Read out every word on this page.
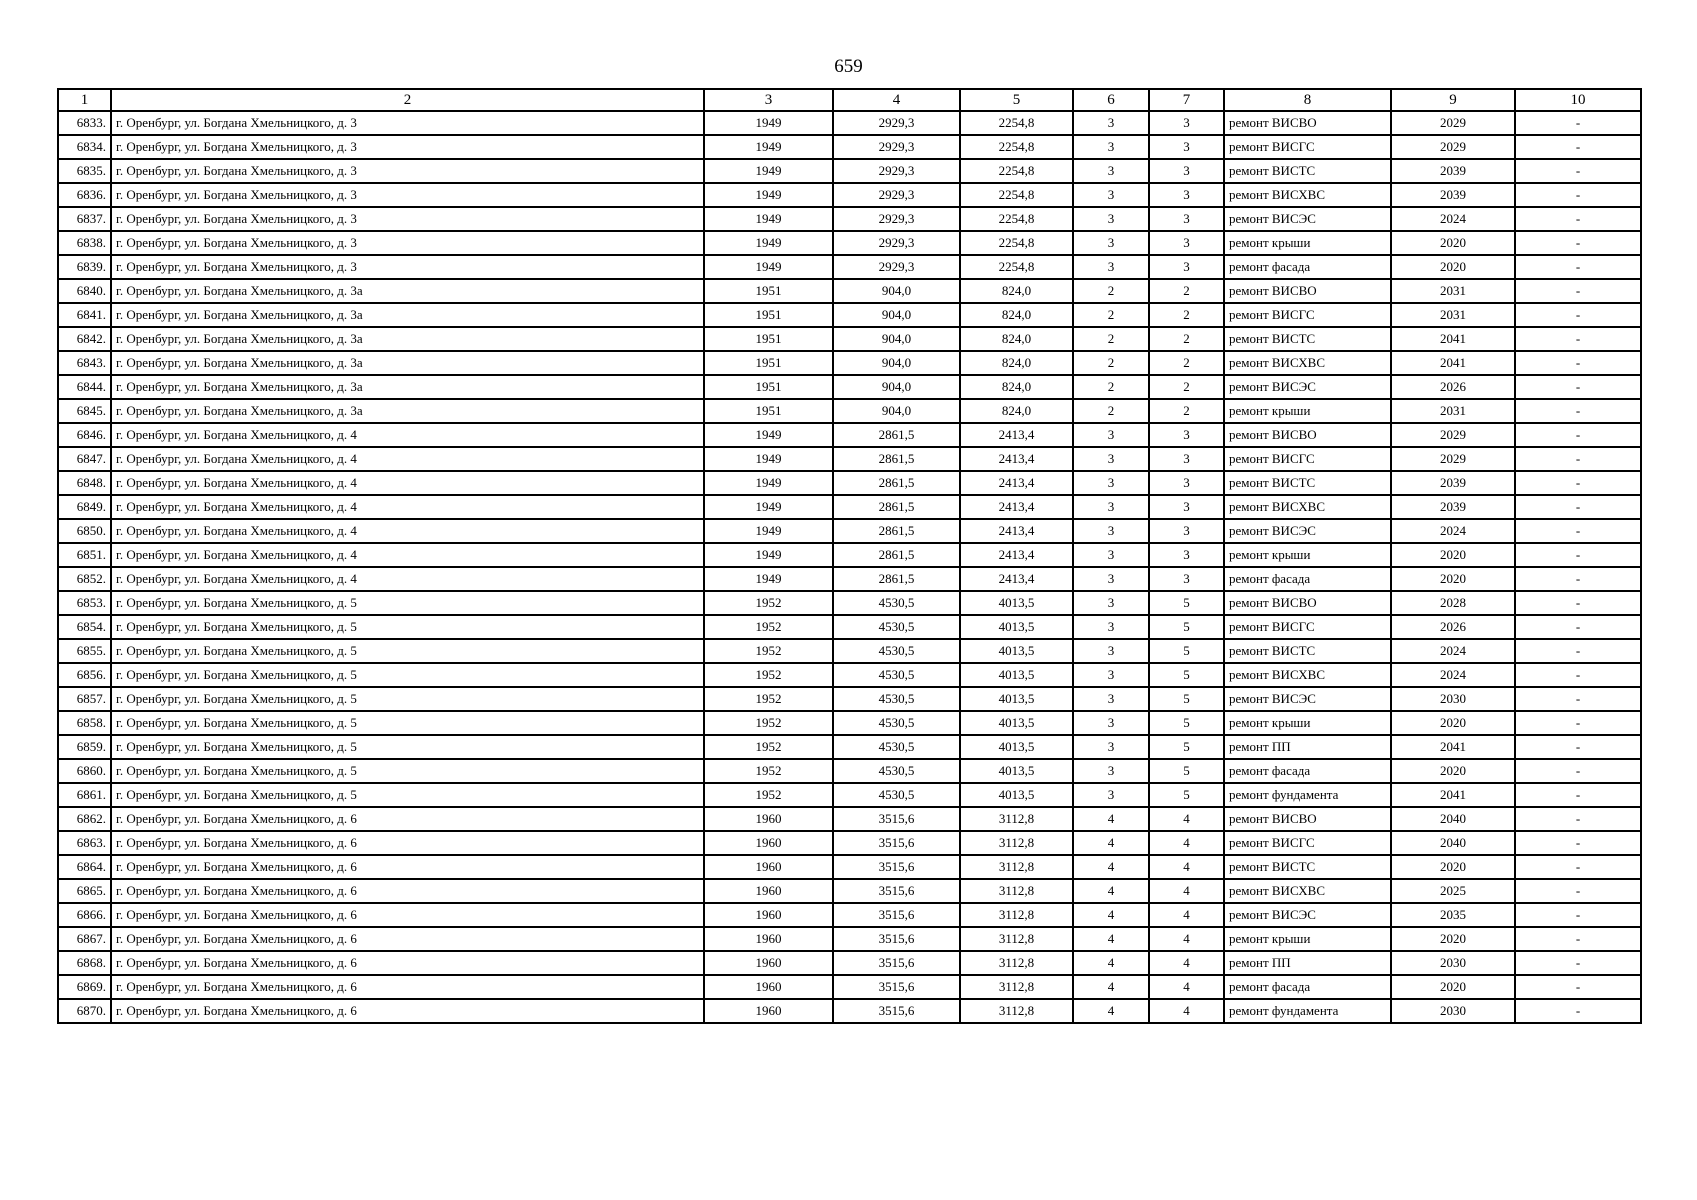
659
1	2	3	4	5	6	7	8	9	10
6833.	г. Оренбург, ул. Богдана Хмельницкого, д. 3	1949	2929,3	2254,8	3	3	ремонт ВИСВО	2029	-
6834.	г. Оренбург, ул. Богдана Хмельницкого, д. 3	1949	2929,3	2254,8	3	3	ремонт ВИСГС	2029	-
6835.	г. Оренбург, ул. Богдана Хмельницкого, д. 3	1949	2929,3	2254,8	3	3	ремонт ВИСТС	2039	-
6836.	г. Оренбург, ул. Богдана Хмельницкого, д. 3	1949	2929,3	2254,8	3	3	ремонт ВИСХВС	2039	-
6837.	г. Оренбург, ул. Богдана Хмельницкого, д. 3	1949	2929,3	2254,8	3	3	ремонт ВИСЭС	2024	-
6838.	г. Оренбург, ул. Богдана Хмельницкого, д. 3	1949	2929,3	2254,8	3	3	ремонт крыши	2020	-
6839.	г. Оренбург, ул. Богдана Хмельницкого, д. 3	1949	2929,3	2254,8	3	3	ремонт фасада	2020	-
6840.	г. Оренбург, ул. Богдана Хмельницкого, д. 3а	1951	904,0	824,0	2	2	ремонт ВИСВО	2031	-
6841.	г. Оренбург, ул. Богдана Хмельницкого, д. 3а	1951	904,0	824,0	2	2	ремонт ВИСГС	2031	-
6842.	г. Оренбург, ул. Богдана Хмельницкого, д. 3а	1951	904,0	824,0	2	2	ремонт ВИСТС	2041	-
6843.	г. Оренбург, ул. Богдана Хмельницкого, д. 3а	1951	904,0	824,0	2	2	ремонт ВИСХВС	2041	-
6844.	г. Оренбург, ул. Богдана Хмельницкого, д. 3а	1951	904,0	824,0	2	2	ремонт ВИСЭС	2026	-
6845.	г. Оренбург, ул. Богдана Хмельницкого, д. 3а	1951	904,0	824,0	2	2	ремонт крыши	2031	-
6846.	г. Оренбург, ул. Богдана Хмельницкого, д. 4	1949	2861,5	2413,4	3	3	ремонт ВИСВО	2029	-
6847.	г. Оренбург, ул. Богдана Хмельницкого, д. 4	1949	2861,5	2413,4	3	3	ремонт ВИСГС	2029	-
6848.	г. Оренбург, ул. Богдана Хмельницкого, д. 4	1949	2861,5	2413,4	3	3	ремонт ВИСТС	2039	-
6849.	г. Оренбург, ул. Богдана Хмельницкого, д. 4	1949	2861,5	2413,4	3	3	ремонт ВИСХВС	2039	-
6850.	г. Оренбург, ул. Богдана Хмельницкого, д. 4	1949	2861,5	2413,4	3	3	ремонт ВИСЭС	2024	-
6851.	г. Оренбург, ул. Богдана Хмельницкого, д. 4	1949	2861,5	2413,4	3	3	ремонт крыши	2020	-
6852.	г. Оренбург, ул. Богдана Хмельницкого, д. 4	1949	2861,5	2413,4	3	3	ремонт фасада	2020	-
6853.	г. Оренбург, ул. Богдана Хмельницкого, д. 5	1952	4530,5	4013,5	3	5	ремонт ВИСВО	2028	-
6854.	г. Оренбург, ул. Богдана Хмельницкого, д. 5	1952	4530,5	4013,5	3	5	ремонт ВИСГС	2026	-
6855.	г. Оренбург, ул. Богдана Хмельницкого, д. 5	1952	4530,5	4013,5	3	5	ремонт ВИСТС	2024	-
6856.	г. Оренбург, ул. Богдана Хмельницкого, д. 5	1952	4530,5	4013,5	3	5	ремонт ВИСХВС	2024	-
6857.	г. Оренбург, ул. Богдана Хмельницкого, д. 5	1952	4530,5	4013,5	3	5	ремонт ВИСЭС	2030	-
6858.	г. Оренбург, ул. Богдана Хмельницкого, д. 5	1952	4530,5	4013,5	3	5	ремонт крыши	2020	-
6859.	г. Оренбург, ул. Богдана Хмельницкого, д. 5	1952	4530,5	4013,5	3	5	ремонт ПП	2041	-
6860.	г. Оренбург, ул. Богдана Хмельницкого, д. 5	1952	4530,5	4013,5	3	5	ремонт фасада	2020	-
6861.	г. Оренбург, ул. Богдана Хмельницкого, д. 5	1952	4530,5	4013,5	3	5	ремонт фундамента	2041	-
6862.	г. Оренбург, ул. Богдана Хмельницкого, д. 6	1960	3515,6	3112,8	4	4	ремонт ВИСВО	2040	-
6863.	г. Оренбург, ул. Богдана Хмельницкого, д. 6	1960	3515,6	3112,8	4	4	ремонт ВИСГС	2040	-
6864.	г. Оренбург, ул. Богдана Хмельницкого, д. 6	1960	3515,6	3112,8	4	4	ремонт ВИСТС	2020	-
6865.	г. Оренбург, ул. Богдана Хмельницкого, д. 6	1960	3515,6	3112,8	4	4	ремонт ВИСХВС	2025	-
6866.	г. Оренбург, ул. Богдана Хмельницкого, д. 6	1960	3515,6	3112,8	4	4	ремонт ВИСЭС	2035	-
6867.	г. Оренбург, ул. Богдана Хмельницкого, д. 6	1960	3515,6	3112,8	4	4	ремонт крыши	2020	-
6868.	г. Оренбург, ул. Богдана Хмельницкого, д. 6	1960	3515,6	3112,8	4	4	ремонт ПП	2030	-
6869.	г. Оренбург, ул. Богдана Хмельницкого, д. 6	1960	3515,6	3112,8	4	4	ремонт фасада	2020	-
6870.	г. Оренбург, ул. Богдана Хмельницкого, д. 6	1960	3515,6	3112,8	4	4	ремонт фундамента	2030	-
